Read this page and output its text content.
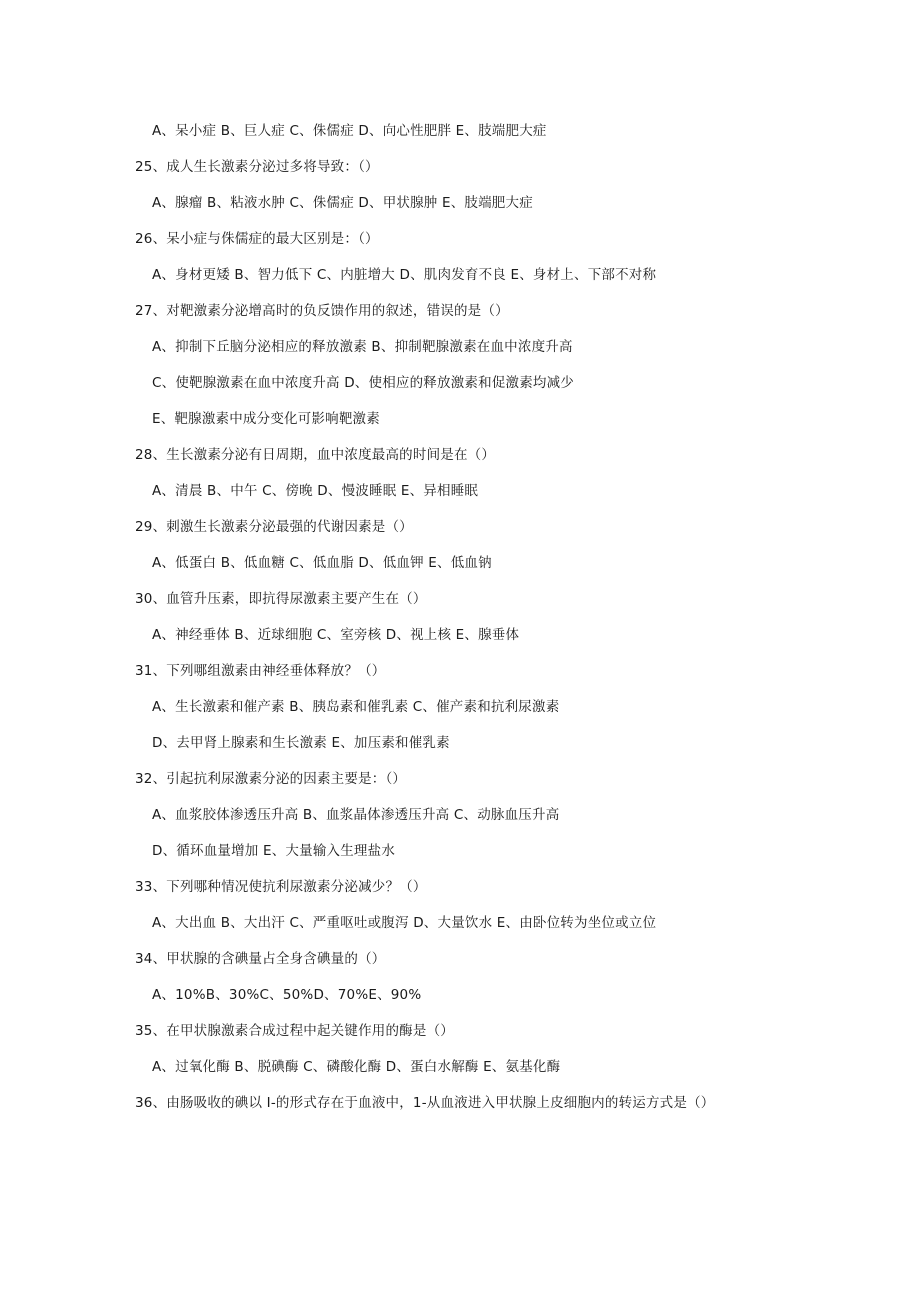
A、呆小症 B、巨人症 C、侏儒症 D、向心性肥胖 E、肢端肥大症
25、成人生长激素分泌过多将导致：（）
A、腺瘤 B、粘液水肿 C、侏儒症 D、甲状腺肿 E、肢端肥大症
26、呆小症与侏儒症的最大区别是：（）
A、身材更矮 B、智力低下 C、内脏增大 D、肌肉发育不良 E、身材上、下部不对称
27、对靶激素分泌增高时的负反馈作用的叙述，错误的是（）
A、抑制下丘脑分泌相应的释放激素 B、抑制靶腺激素在血中浓度升高
C、使靶腺激素在血中浓度升高 D、使相应的释放激素和促激素均减少
E、靶腺激素中成分变化可影响靶激素
28、生长激素分泌有日周期，血中浓度最高的时间是在（）
A、清晨 B、中午 C、傍晚 D、慢波睡眠 E、异相睡眠
29、刺激生长激素分泌最强的代谢因素是（）
A、低蛋白 B、低血糖 C、低血脂 D、低血钾 E、低血钠
30、血管升压素，即抗得尿激素主要产生在（）
A、神经垂体 B、近球细胞 C、室旁核 D、视上核 E、腺垂体
31、下列哪组激素由神经垂体释放？（）
A、生长激素和催产素 B、胰岛素和催乳素 C、催产素和抗利尿激素
D、去甲肾上腺素和生长激素 E、加压素和催乳素
32、引起抗利尿激素分泌的因素主要是：（）
A、血浆胶体渗透压升高 B、血浆晶体渗透压升高 C、动脉血压升高
D、循环血量增加 E、大量输入生理盐水
33、下列哪种情况使抗利尿激素分泌减少？（）
A、大出血 B、大出汗 C、严重呕吐或腹泻 D、大量饮水 E、由卧位转为坐位或立位
34、甲状腺的含碘量占全身含碘量的（）
A、10%B、30%C、50%D、70%E、90%
35、在甲状腺激素合成过程中起关键作用的酶是（）
A、过氧化酶 B、脱碘酶 C、磷酸化酶 D、蛋白水解酶 E、氨基化酶
36、由肠吸收的碘以 I-的形式存在于血液中，1-从血液进入甲状腺上皮细胞内的转运方式是（）
